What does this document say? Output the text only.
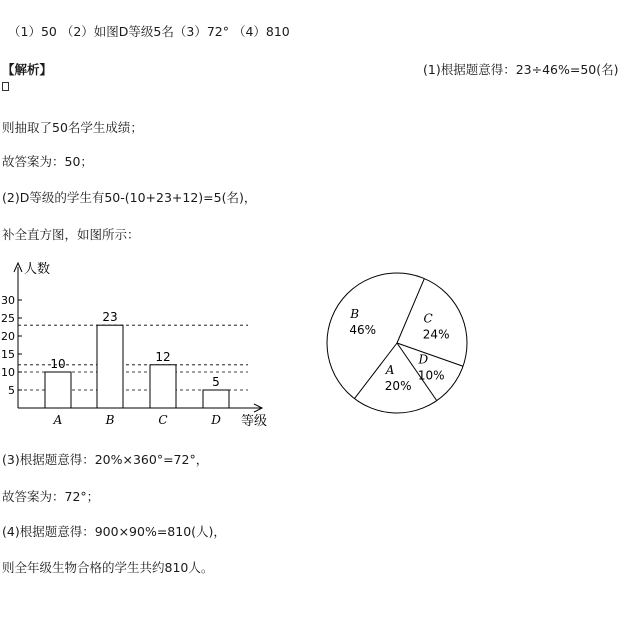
（1）50 （2）如图D等级5名（3）72° （4）810
【解析】	(1)根据题意得：23÷46%=50(名)
则抽取了50名学生成绩；
故答案为：50；
(2)D等级的学生有50-(10+23+12)=5(名)，
补全直方图，如图所示：
人数
等级
5
10
15
20
25
30
10
A
23
B
12
C
5
D
C
24%
D
10%
A
20%
B
46%
(3)根据题意得：20%×360°=72°，
故答案为：72°；
(4)根据题意得：900×90%=810(人)，
则全年级生物合格的学生共约810人。
